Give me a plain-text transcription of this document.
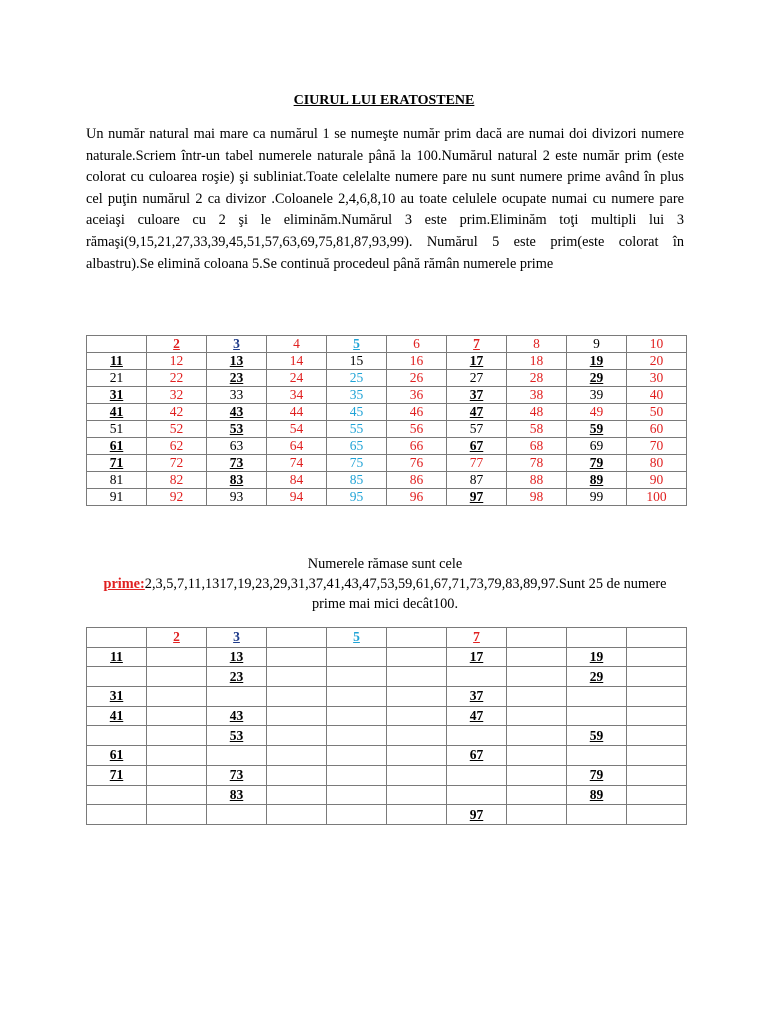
CIURUL LUI ERATOSTENE
Un număr natural mai mare ca numărul 1 se numeşte număr prim dacă are numai doi divizori numere naturale.Scriem într-un tabel numerele naturale până la 100.Numărul natural 2 este număr prim (este colorat cu culoarea roşie) şi subliniat.Toate celelalte numere pare nu sunt numere prime având în plus cel puţin numărul 2 ca divizor .Coloanele 2,4,6,8,10 au toate celulele ocupate numai cu numere pare aceiaşi culoare cu 2 şi le eliminăm.Numărul 3 este prim.Eliminăm toţi multipli lui 3 rămaşi(9,15,21,27,33,39,45,51,57,63,69,75,81,87,93,99). Numărul 5 este prim(este colorat în albastru).Se elimină coloana 5.Se continuă procedeul până rămân numerele prime
	2	3	4	5	6	7	8	9	10
11	12	13	14	15	16	17	18	19	20
21	22	23	24	25	26	27	28	29	30
31	32	33	34	35	36	37	38	39	40
41	42	43	44	45	46	47	48	49	50
51	52	53	54	55	56	57	58	59	60
61	62	63	64	65	66	67	68	69	70
71	72	73	74	75	76	77	78	79	80
81	82	83	84	85	86	87	88	89	90
91	92	93	94	95	96	97	98	99	100
Numerele rămase sunt cele
prime:2,3,5,7,11,1317,19,23,29,31,37,41,43,47,53,59,61,67,71,73,79,83,89,97.Sunt 25 de numere prime mai mici decât100.
	2	3		5		7			
11		13				17		19	
		23						29	
31						37			
41		43				47			
		53						59	
61						67			
71		73						79	
		83						89	
						97			
